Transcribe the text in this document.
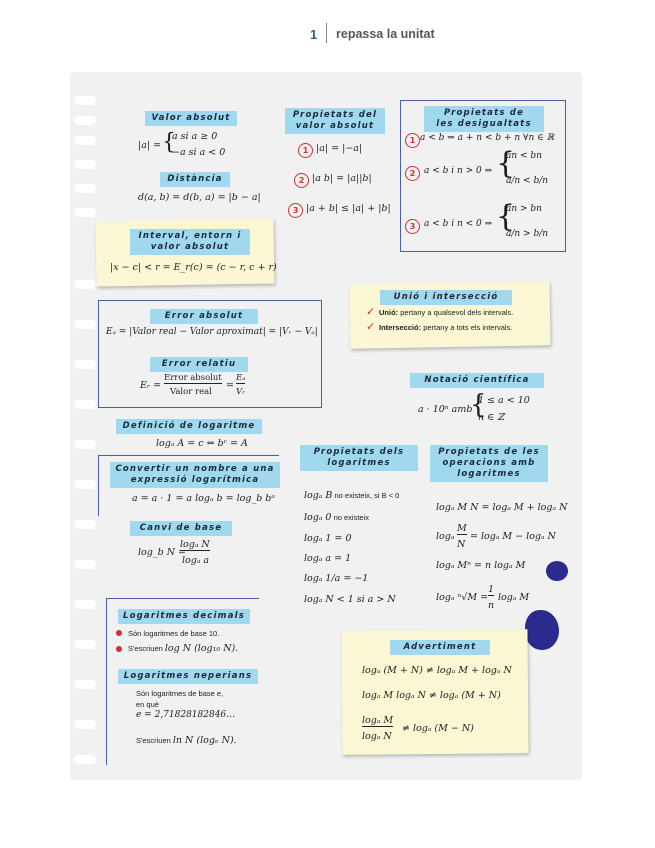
1 repassa la unitat
Valor absolut
|a| = {
a si a ≥ 0
−a si a < 0
Distància
d(a, b) = d(b, a) = |b − a|
Propietats del
valor absolut
1 |a| = |−a|
2 |a b| = |a||b|
3 |a + b| ≤ |a| + |b|
Propietats de
les desigualtats
1 a < b ⇒ a + n < b + n ∀n ∈ ℝ
2 a < b i n > 0 ⇒ {
an < bn
a/n < b/n
3 a < b i n < 0 ⇒ {
an > bn
a/n > b/n
Interval, entorn i
valor absolut
|x − c| < r = E_r(c) = (c − r, c + r)
Unió i intersecció
✓ Unió: pertany a qualsevol dels intervals.
✓ Intersecció: pertany a tots els intervals.
Error absolut
Eₐ = |Valor real − Valor aproximat| = |Vᵣ − Vₐ|
Error relatiu
Eᵣ =
Error absolut
Valor real
=
Eₐ
Vᵣ
Notació científica
a · 10ⁿ amb
{
1 ≤ a < 10
n ∈ ℤ
Definició de logaritme
logₐ A = c ⇔ bᶜ = A
Convertir un nombre a una
expressió logarítmica
a = a · 1 = a logₐ b = log_b bᵃ
Canvi de base
log_b N =
logₐ N
logₐ a
Propietats dels
logaritmes
logₐ B no existeix, si B < 0
logₐ 0 no existeix
logₐ 1 = 0
logₐ a = 1
logₐ 1/a = −1
logₐ N < 1 si a > N
Propietats de les
operacions amb
logaritmes
logₐ M N = logₐ M + logₐ N
logₐ
M
N
= logₐ M − logₐ N
logₐ Mⁿ = n logₐ M
logₐ ⁿ√M =
1
n
logₐ M
Logaritmes decimals
Són logaritmes de base 10.
S'escriuen log N (log₁₀ N).
Logaritmes neperians
Són logaritmes de base e,
en què
e = 2,71828182846…
S'escriuen ln N (logₑ N).
Advertiment
logₐ (M + N) ≠ logₐ M + logₐ N
logₐ M logₐ N ≠ logₐ (M + N)
logₐ M
logₐ N
≠ logₐ (M − N)
